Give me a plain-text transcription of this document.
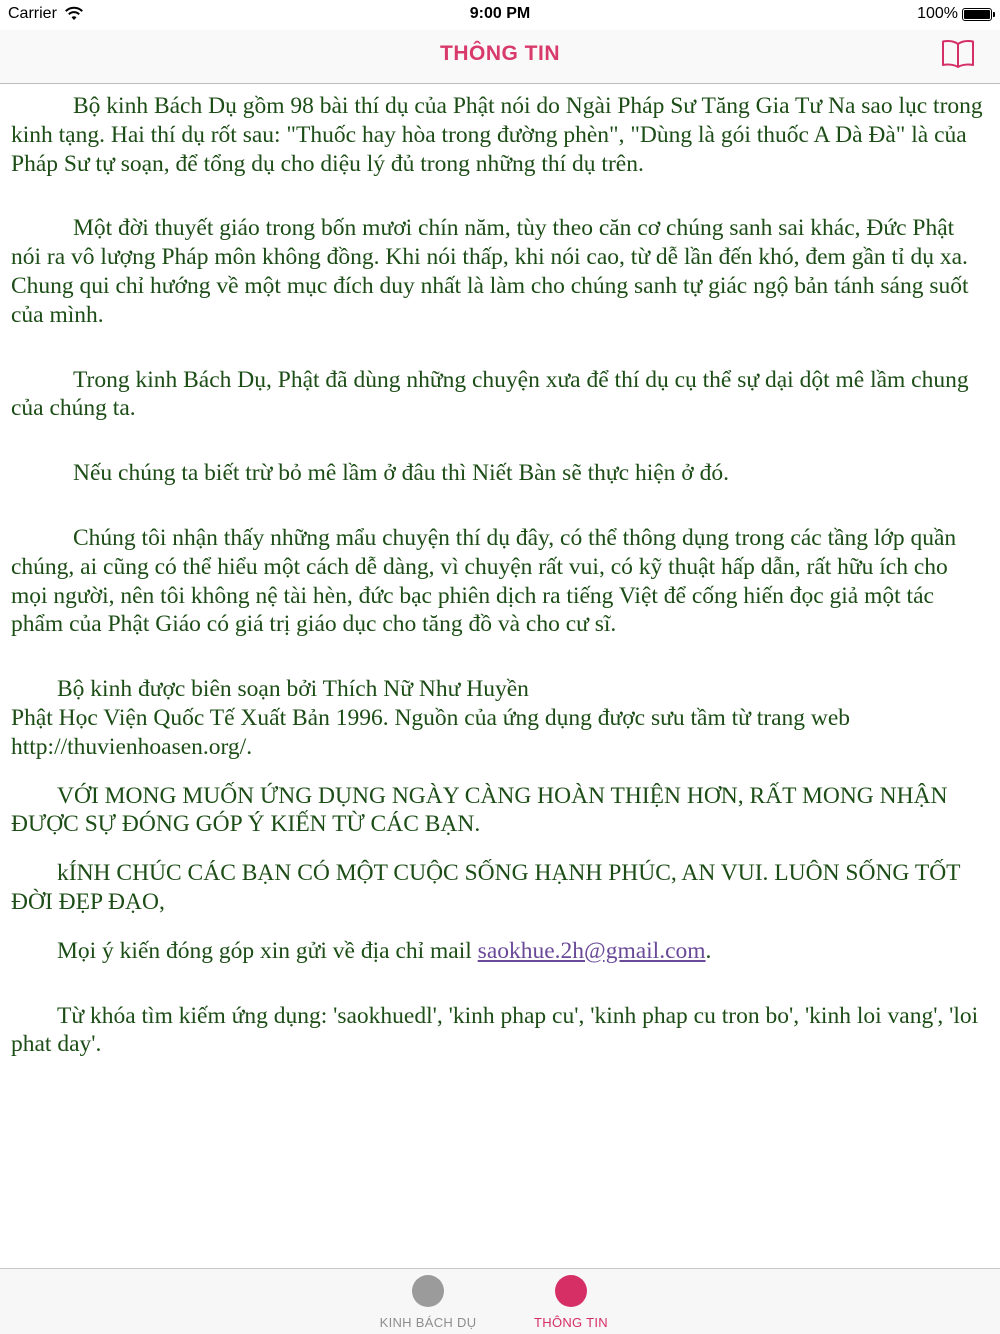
Carrier	9:00 PM	100%
THÔNG TIN

Bộ kinh Bách Dụ gồm 98 bài thí dụ của Phật nói do Ngài Pháp Sư Tăng Gia Tư Na sao lục trong kinh tạng. Hai thí dụ rốt sau: "Thuốc hay hòa trong đường phèn", "Dùng là gói thuốc A Dà Đà" là của Pháp Sư tự soạn, để tổng dụ cho diệu lý đủ trong những thí dụ trên.

Một đời thuyết giáo trong bốn mươi chín năm, tùy theo căn cơ chúng sanh sai khác, Đức Phật nói ra vô lượng Pháp môn không đồng. Khi nói thấp, khi nói cao, từ dễ lần đến khó, đem gần tỉ dụ xa. Chung qui chỉ hướng về một mục đích duy nhất là làm cho chúng sanh tự giác ngộ bản tánh sáng suốt của mình.

Trong kinh Bách Dụ, Phật đã dùng những chuyện xưa để thí dụ cụ thể sự dại dột mê lầm chung của chúng ta.

Nếu chúng ta biết trừ bỏ mê lầm ở đâu thì Niết Bàn sẽ thực hiện ở đó.

Chúng tôi nhận thấy những mẩu chuyện thí dụ đây, có thể thông dụng trong các tầng lớp quần chúng, ai cũng có thể hiểu một cách dễ dàng, vì chuyện rất vui, có kỹ thuật hấp dẫn, rất hữu ích cho mọi người, nên tôi không nệ tài hèn, đức bạc phiên dịch ra tiếng Việt để cống hiến đọc giả một tác phẩm của Phật Giáo có giá trị giáo dục cho tăng đồ và cho cư sĩ.

Bộ kinh được biên soạn bởi Thích Nữ Như Huyền
Phật Học Viện Quốc Tế Xuất Bản 1996. Nguồn của ứng dụng được sưu tầm từ trang web http://thuvienhoasen.org/.

VỚI MONG MUỐN ỨNG DỤNG NGÀY CÀNG HOÀN THIỆN HƠN, RẤT MONG NHẬN ĐƯỢC SỰ ĐÓNG GÓP Ý KIẾN TỪ CÁC BẠN.

kÍNH CHÚC CÁC BẠN CÓ MỘT CUỘC SỐNG HẠNH PHÚC, AN VUI. LUÔN SỐNG TỐT ĐỜI ĐẸP ĐẠO,

Mọi ý kiến đóng góp xin gửi về địa chỉ mail saokhue.2h@gmail.com.

Từ khóa tìm kiếm ứng dụng: 'saokhuedl', 'kinh phap cu', 'kinh phap cu tron bo', 'kinh loi vang', 'loi phat day'.

KINH BÁCH DỤ	THÔNG TIN
